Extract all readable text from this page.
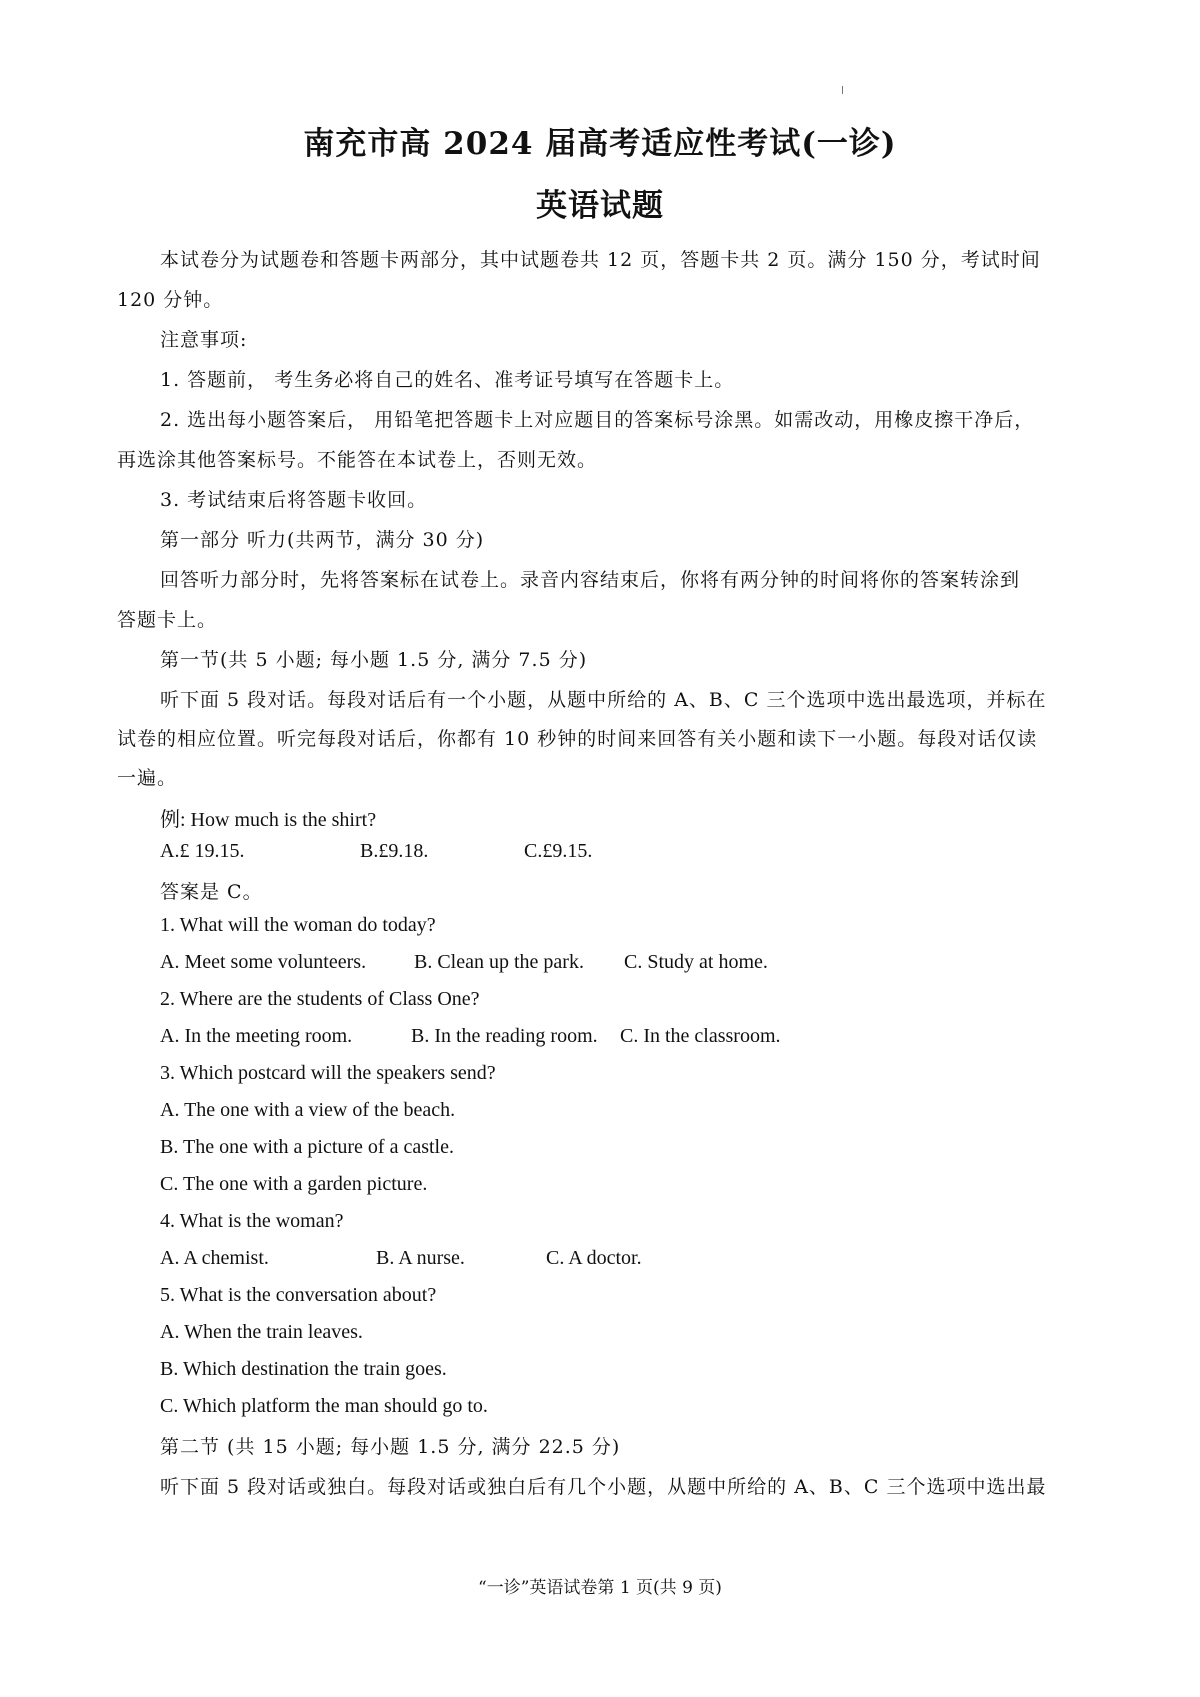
南充市高 2024 届高考适应性考试(一诊)
英语试题
本试卷分为试题卷和答题卡两部分，其中试题卷共 12 页，答题卡共 2 页。满分 150 分，考试时间
120 分钟。
注意事项:
1. 答题前， 考生务必将自己的姓名、准考证号填写在答题卡上。
2. 选出每小题答案后， 用铅笔把答题卡上对应题目的答案标号涂黑。如需改动，用橡皮擦干净后，
再选涂其他答案标号。不能答在本试卷上，否则无效。
3. 考试结束后将答题卡收回。
第一部分 听力(共两节，满分 30 分)
回答听力部分时，先将答案标在试卷上。录音内容结束后，你将有两分钟的时间将你的答案转涂到
答题卡上。
第一节(共 5 小题; 每小题 1.5 分, 满分 7.5 分)
听下面 5 段对话。每段对话后有一个小题，从题中所给的 A、B、C 三个选项中选出最选项，并标在
试卷的相应位置。听完每段对话后，你都有 10 秒钟的时间来回答有关小题和读下一小题。每段对话仅读
一遍。
例: How much is the shirt?
A.£ 19.15.	B.£9.18.	C.£9.15.
答案是 C。
1. What will the woman do today?
A. Meet some volunteers. B. Clean up the park. C. Study at home.
2. Where are the students of Class One?
A. In the meeting room.	B. In the reading room. C. In the classroom.
3. Which postcard will the speakers send?
A. The one with a view of the beach.
B. The one with a picture of a castle.
C. The one with a garden picture.
4. What is the woman?
A. A chemist.	B. A nurse.	C. A doctor.
5. What is the conversation about?
A. When the train leaves.
B. Which destination the train goes.
C. Which platform the man should go to.
第二节 (共 15 小题; 每小题 1.5 分, 满分 22.5 分)
听下面 5 段对话或独白。每段对话或独白后有几个小题，从题中所给的 A、B、C 三个选项中选出最
“一诊”英语试卷第 1 页(共 9 页)
